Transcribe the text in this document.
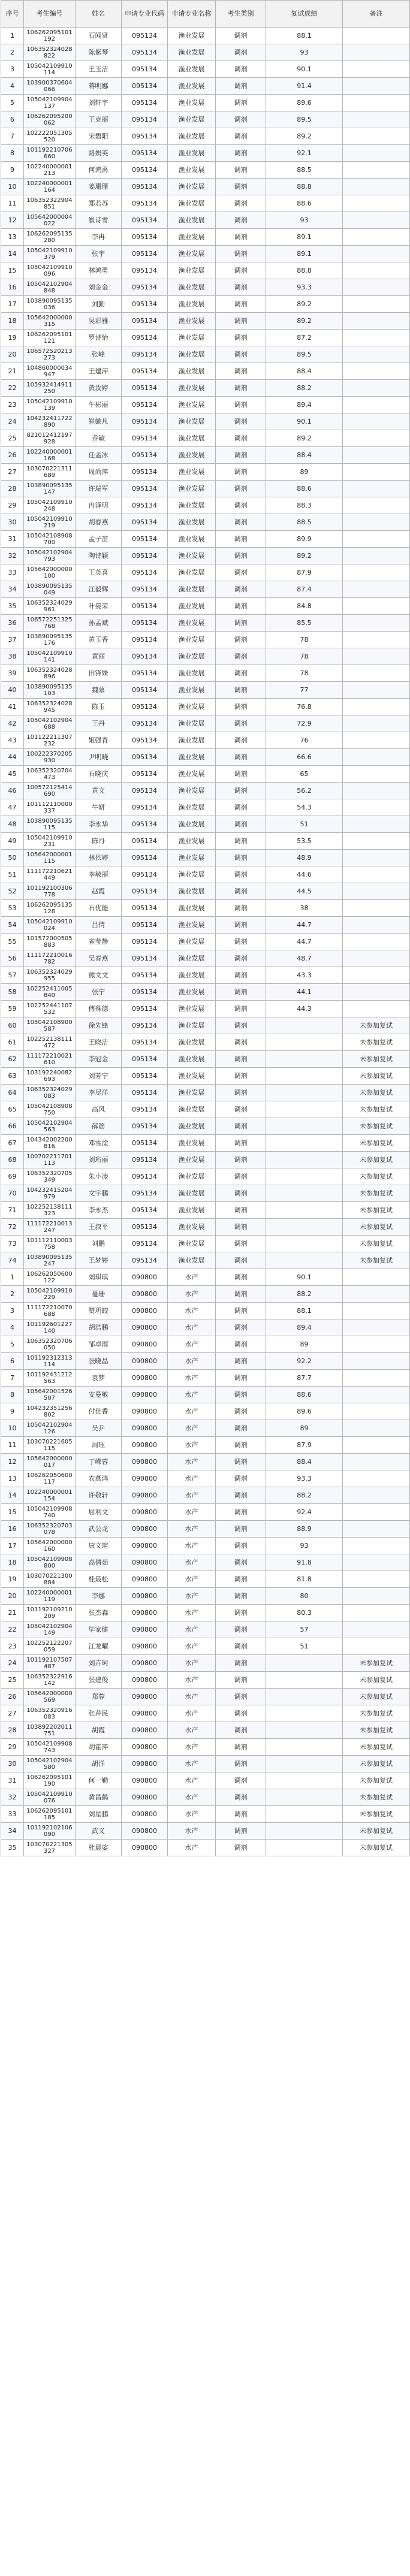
序号	考生编号	姓名	申请专业代码	申请专业名称	考生类别	复试成绩	备注
1	106262095101192	石闻贤	095134	渔业发展	调剂	88.1	
2	106352324028822	陈紫琴	095134	渔业发展	调剂	93	
3	105042109910114	王玉洁	095134	渔业发展	调剂	90.1	
4	103900370604066	蒋明娜	095134	渔业发展	调剂	91.4	
5	105042109904137	刘轩宇	095134	渔业发展	调剂	89.6	
6	106262095200062	王克丽	095134	渔业发展	调剂	89.5	
7	102222051305520	宋碧阳	095134	渔业发展	调剂	89.2	
8	101192210706660	路娟英	095134	渔业发展	调剂	92.1	
9	102240000001213	何鸿禹	095134	渔业发展	调剂	88.5	
10	102240000001164	姜珊珊	095134	渔业发展	调剂	88.8	
11	106352322904851	郑若苏	095134	渔业发展	调剂	88.6	
12	105642000004022	崔诗雪	095134	渔业发展	调剂	93	
13	106262095135280	李冉	095134	渔业发展	调剂	89.1	
14	105042109910379	张宇	095134	渔业发展	调剂	89.1	
15	105042109910096	林鸿勇	095134	渔业发展	调剂	88.8	
16	105042102904848	刘金金	095134	渔业发展	调剂	93.3	
17	103890095135036	刘勤	095134	渔业发展	调剂	89.2	
18	105642000000315	吴彩雅	095134	渔业发展	调剂	89.2	
19	106262095101121	罗诗怡	095134	渔业发展	调剂	87.2	
20	106572520213273	张峰	095134	渔业发展	调剂	89.5	
21	104860000034947	王建萍	095134	渔业发展	调剂	88.4	
22	105932414911250	黄汝婷	095134	渔业发展	调剂	88.2	
23	105042109910139	牛彬丽	095134	渔业发展	调剂	89.4	
24	104232411722890	崔懿凡	095134	渔业发展	调剂	90.1	
25	821012412197928	乔敏	095134	渔业发展	调剂	89.2	
26	102240000001168	任孟冰	095134	渔业发展	调剂	88.4	
27	103070221311689	周尚萍	095134	渔业发展	调剂	89	
28	103890095135147	许瑞军	095134	渔业发展	调剂	88.6	
29	105042109910248	冉泽明	095134	渔业发展	调剂	88.3	
30	105042109910219	胡春燕	095134	渔业发展	调剂	88.5	
31	105042108908700	孟子茁	095134	渔业发展	调剂	89.9	
32	105042102904793	陶诗颖	095134	渔业发展	调剂	89.2	
33	105642000000100	王英喜	095134	渔业发展	调剂	87.9	
34	103890095135049	江毅辉	095134	渔业发展	调剂	87.4	
35	106352324029961	叶晏荣	095134	渔业发展	调剂	84.8	
36	106572251325768	孙孟斌	095134	渔业发展	调剂	85.5	
37	103890095135176	黄玉香	095134	渔业发展	调剂	78	
38	105042109910141	黄丽	095134	渔业发展	调剂	78	
39	106352324028896	田锋姝	095134	渔业发展	调剂	78	
40	103890095135103	魏慕	095134	渔业发展	调剂	77	
41	106352324028945	陈玉	095134	渔业发展	调剂	76.8	
42	105042102904688	王丹	095134	渔业发展	调剂	72.9	
43	101122211307232	姬强青	095134	渔业发展	调剂	76	
44	100222370205930	尹明晓	095134	渔业发展	调剂	66.6	
45	106352320704473	石晓庆	095134	渔业发展	调剂	65	
46	100572125414690	黄文	095134	渔业发展	调剂	56.2	
47	101112110000337	牛妍	095134	渔业发展	调剂	54.3	
48	103890095135115	李永华	095134	渔业发展	调剂	51	
49	105042109910231	陈丹	095134	渔业发展	调剂	53.5	
50	105642000001115	林依婷	095134	渔业发展	调剂	48.9	
51	111172210621449	李敏丽	095134	渔业发展	调剂	44.6	
52	101192100306778	赵霞	095134	渔业发展	调剂	44.5	
53	106262095135128	石优能	095134	渔业发展	调剂	38	
54	105042109910024	吕倩	095134	渔业发展	调剂	44.7	
55	101572000505883	雀莹静	095134	渔业发展	调剂	44.7	
56	111172210016782	吴春燕	095134	渔业发展	调剂	48.7	
57	106352324029955	熊文文	095134	渔业发展	调剂	43.3	
58	102252411005840	张宁	095134	渔业发展	调剂	44.1	
59	102252441107532	傅殊德	095134	渔业发展	调剂	44.3	
60	105042108900587	徐先锋	095134	渔业发展	调剂		未参加复试
61	102252138111472	王晓洁	095134	渔业发展	调剂		未参加复试
62	111172210021610	李冠金	095134	渔业发展	调剂		未参加复试
63	103192240082693	刘芳宁	095134	渔业发展	调剂		未参加复试
64	106352324029083	李尽洋	095134	渔业发展	调剂		未参加复试
65	105042108908750	高风	095134	渔业发展	调剂		未参加复试
66	105042102904563	薛筋	095134	渔业发展	调剂		未参加复试
67	104342002200816	邓雪淦	095134	渔业发展	调剂		未参加复试
68	100702211701113	刘珩丽	095134	渔业发展	调剂		未参加复试
69	106352320705349	朱小凌	095134	渔业发展	调剂		未参加复试
70	104232415204979	文宇鹏	095134	渔业发展	调剂		未参加复试
71	102252138111323	李永杰	095134	渔业发展	调剂		未参加复试
72	111172210013247	王叔平	095134	渔业发展	调剂		未参加复试
73	101112110003758	刘鹏	095134	渔业发展	调剂		未参加复试
74	103890095135247	王梦婷	095134	渔业发展	调剂		未参加复试
1	106262050600122	刘琪琪	090800	水产	调剂	90.1	
2	105042109910229	蔓珊	090800	水产	调剂	88.2	
3	111172210070688	赞玥皎	090800	水产	调剂	88.1	
4	101192601227140	胡浩鹏	090800	水产	调剂	89.4	
5	106352320706050	邹卓雨	090800	水产	调剂	89	
6	101192312313114	张晓晶	090800	水产	调剂	92.2	
7	101192431212563	袁梦	090800	水产	调剂	87.7	
8	105642001526507	安曼敏	090800	水产	调剂	88.6	
9	104232351256802	付仕香	090800	水产	调剂	89.6	
10	105042102904126	吴乒	090800	水产	调剂	89	
11	103070221605115	周珏	090800	水产	调剂	87.9	
12	105642000000017	丁嵘蓉	090800	水产	调剂	88.4	
13	106262050600117	农燕鸿	090800	水产	调剂	93.3	
14	102240000001154	许敬轩	090800	水产	调剂	88.2	
15	105042109908740	屈利文	090800	水产	调剂	92.4	
16	106352320703078	武公龙	090800	水产	调剂	88.9	
17	105642000000160	康文瑄	090800	水产	调剂	93	
18	105042109908800	高倩茹	090800	水产	调剂	91.8	
19	103070221300884	桂最松	090800	水产	调剂	81.8	
20	102240000001119	李娜	090800	水产	调剂	80	
21	101192109210209	张杰森	090800	水产	调剂	80.3	
22	105042102904149	毕家健	090800	水产	调剂	57	
23	102252122207059	江龙曜	090800	水产	调剂	51	
24	101192107507487	刘卉珂	090800	水产	调剂		未参加复试
25	106352322916142	张建俊	090800	水产	调剂		未参加复试
26	105642000000569	郑蓉	090800	水产	调剂		未参加复试
27	106352320916083	张芹民	090800	水产	调剂		未参加复试
28	103892202011751	胡霞	090800	水产	调剂		未参加复试
29	105042109908743	胡霍萍	090800	水产	调剂		未参加复试
30	105042102904580	胡洋	090800	水产	调剂		未参加复试
31	106262095101190	何一勤	090800	水产	调剂		未参加复试
32	105042109910076	黄昌鹤	090800	水产	调剂		未参加复试
33	106262095101185	刘星鹏	090800	水产	调剂		未参加复试
34	101192102106090	武义	090800	水产	调剂		未参加复试
35	103070221305327	杜晨娑	090800	水产	调剂		未参加复试
